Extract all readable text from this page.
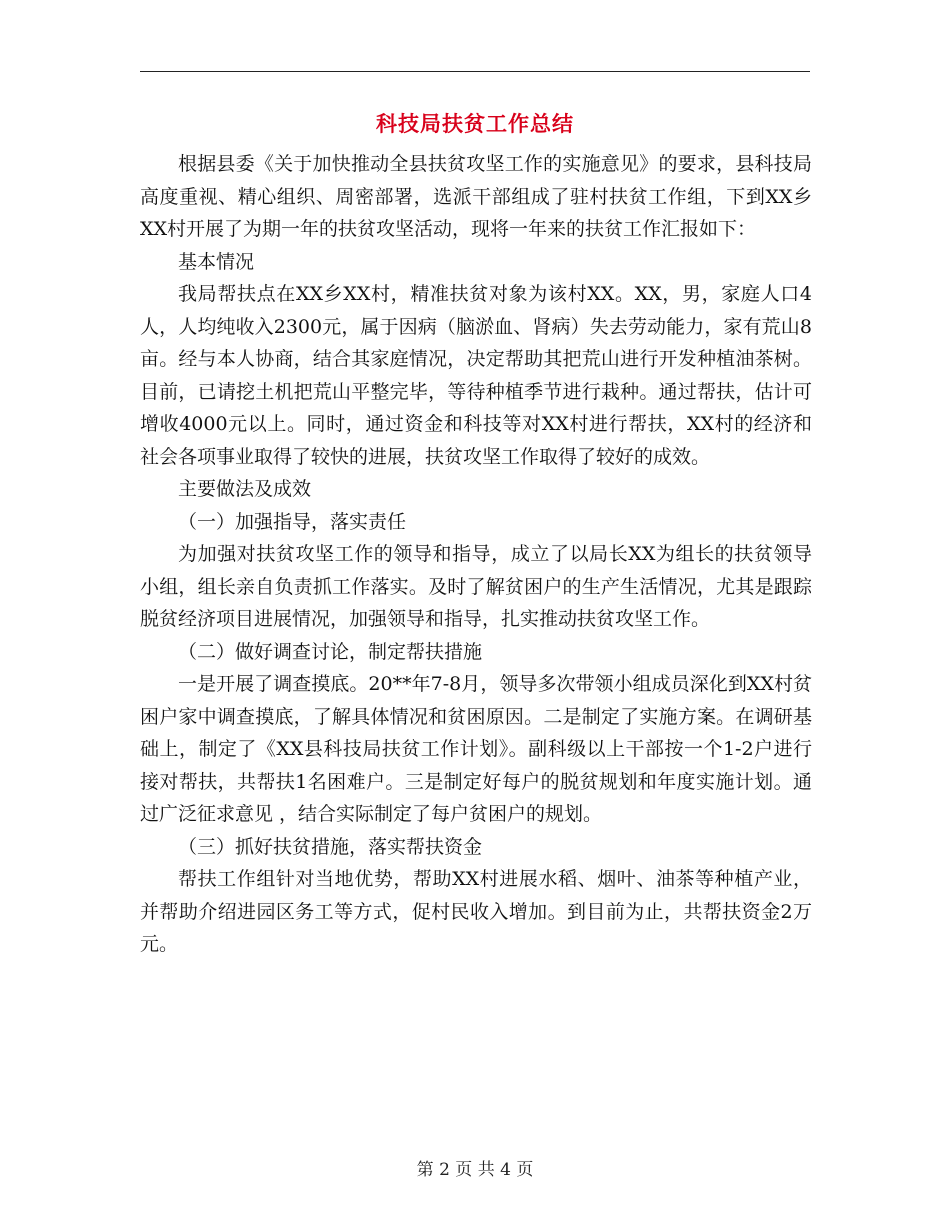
科技局扶贫工作总结

根据县委《关于加快推动全县扶贫攻坚工作的实施意见》的要求，县科技局高度重视、精心组织、周密部署，选派干部组成了驻村扶贫工作组，下到XX乡XX村开展了为期一年的扶贫攻坚活动，现将一年来的扶贫工作汇报如下：

基本情况

我局帮扶点在XX乡XX村，精准扶贫对象为该村XX。XX，男，家庭人口4人，人均纯收入2300元，属于因病（脑淤血、肾病）失去劳动能力，家有荒山8亩。经与本人协商，结合其家庭情况，决定帮助其把荒山进行开发种植油茶树。目前，已请挖土机把荒山平整完毕，等待种植季节进行栽种。通过帮扶，估计可增收4000元以上。同时，通过资金和科技等对XX村进行帮扶，XX村的经济和社会各项事业取得了较快的进展，扶贫攻坚工作取得了较好的成效。

主要做法及成效

（一）加强指导，落实责任

为加强对扶贫攻坚工作的领导和指导，成立了以局长XX为组长的扶贫领导小组，组长亲自负责抓工作落实。及时了解贫困户的生产生活情况，尤其是跟踪脱贫经济项目进展情况，加强领导和指导，扎实推动扶贫攻坚工作。

（二）做好调查讨论，制定帮扶措施

一是开展了调查摸底。20**年7-8月，领导多次带领小组成员深化到XX村贫困户家中调查摸底，了解具体情况和贫困原因。二是制定了实施方案。在调研基础上，制定了《XX县科技局扶贫工作计划》。副科级以上干部按一个1-2户进行接对帮扶，共帮扶1名困难户。三是制定好每户的脱贫规划和年度实施计划。通过广泛征求意见 ，结合实际制定了每户贫困户的规划。

（三）抓好扶贫措施，落实帮扶资金

帮扶工作组针对当地优势，帮助XX村进展水稻、烟叶、油茶等种植产业，并帮助介绍进园区务工等方式，促村民收入增加。到目前为止，共帮扶资金2万元。

第 2 页 共 4 页
